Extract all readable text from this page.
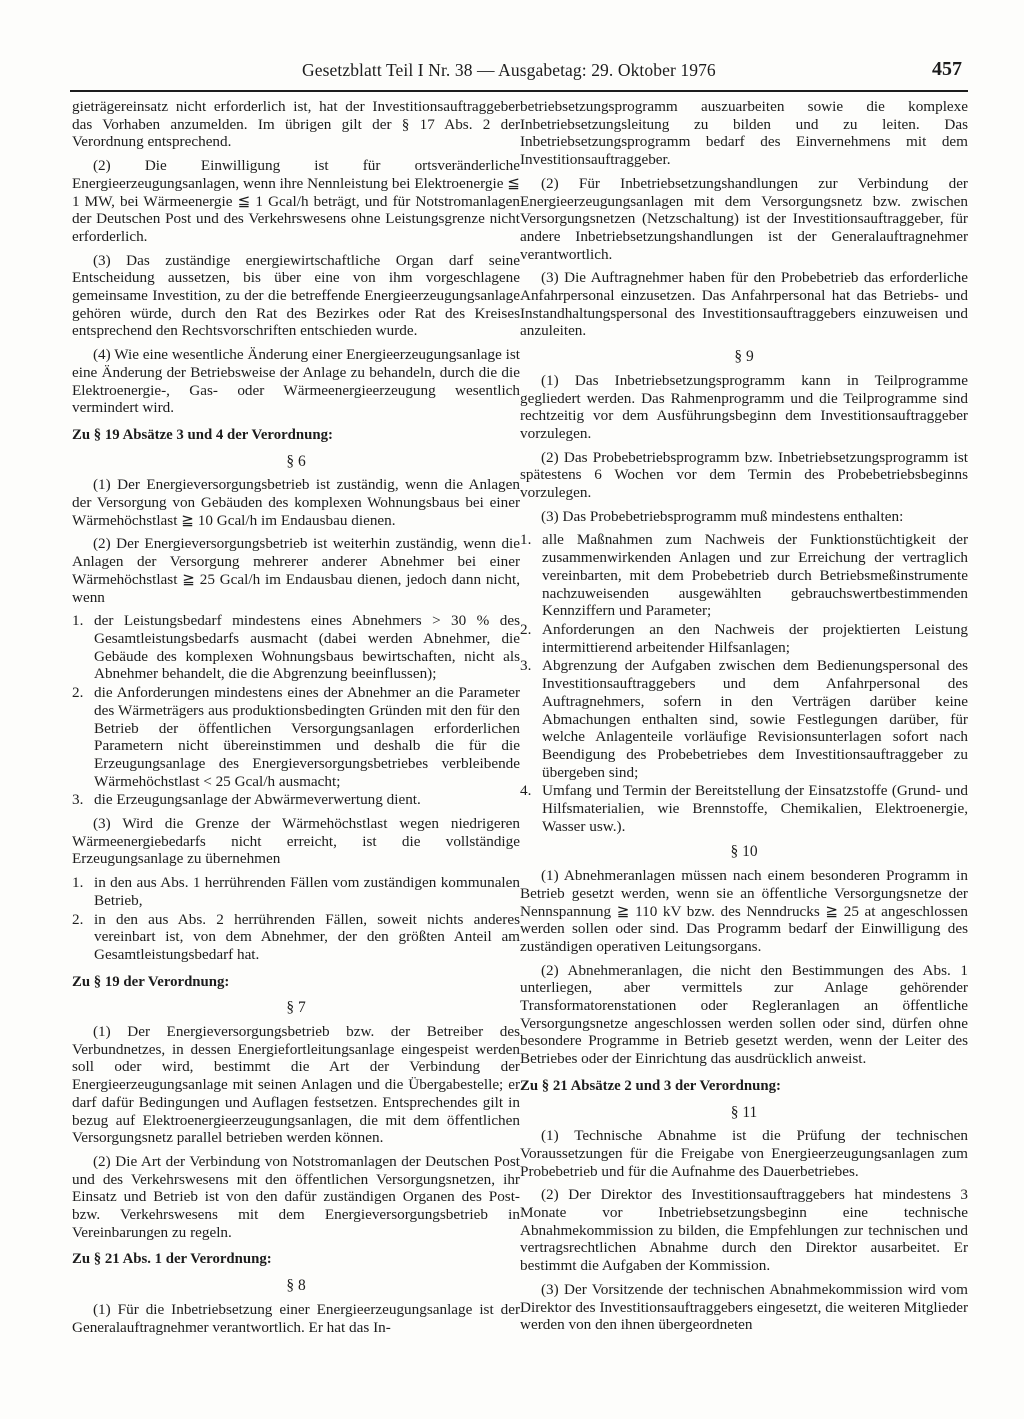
Gesetzblatt Teil I Nr. 38 — Ausgabetag: 29. Oktober 1976	457

gieträgereinsatz nicht erforderlich ist, hat der Investitionsauftraggeber das Vorhaben anzumelden. Im übrigen gilt der § 17 Abs. 2 der Verordnung entsprechend.

(2) Die Einwilligung ist für ortsveränderliche Energieerzeugungsanlagen, wenn ihre Nennleistung bei Elektroenergie ≦ 1 MW, bei Wärmeenergie ≦ 1 Gcal/h beträgt, und für Notstromanlagen der Deutschen Post und des Verkehrswesens ohne Leistungsgrenze nicht erforderlich.

(3) Das zuständige energiewirtschaftliche Organ darf seine Entscheidung aussetzen, bis über eine von ihm vorgeschlagene gemeinsame Investition, zu der die betreffende Energieerzeugungsanlage gehören würde, durch den Rat des Bezirkes oder Rat des Kreises entsprechend den Rechtsvorschriften entschieden wurde.

(4) Wie eine wesentliche Änderung einer Energieerzeugungsanlage ist eine Änderung der Betriebsweise der Anlage zu behandeln, durch die die Elektroenergie-, Gas- oder Wärmeenergieerzeugung wesentlich vermindert wird.

Zu § 19 Absätze 3 und 4 der Verordnung:
§ 6

(1) Der Energieversorgungsbetrieb ist zuständig, wenn die Anlagen der Versorgung von Gebäuden des komplexen Wohnungsbaus bei einer Wärmehöchstlast ≧ 10 Gcal/h im Endausbau dienen.

(2) Der Energieversorgungsbetrieb ist weiterhin zuständig, wenn die Anlagen der Versorgung mehrerer anderer Abnehmer bei einer Wärmehöchstlast ≧ 25 Gcal/h im Endausbau dienen, jedoch dann nicht, wenn

1. der Leistungsbedarf mindestens eines Abnehmers > 30 % des Gesamtleistungsbedarfs ausmacht (dabei werden Abnehmer, die Gebäude des komplexen Wohnungsbaus bewirtschaften, nicht als Abnehmer behandelt, die die Abgrenzung beeinflussen);
2. die Anforderungen mindestens eines der Abnehmer an die Parameter des Wärmeträgers aus produktionsbedingten Gründen mit den für den Betrieb der öffentlichen Versorgungsanlagen erforderlichen Parametern nicht übereinstimmen und deshalb die für die Erzeugungsanlage des Energieversorgungsbetriebes verbleibende Wärmehöchstlast < 25 Gcal/h ausmacht;
3. die Erzeugungsanlage der Abwärmeverwertung dient.

(3) Wird die Grenze der Wärmehöchstlast wegen niedrigeren Wärmeenergiebedarfs nicht erreicht, ist die vollständige Erzeugungsanlage zu übernehmen

1. in den aus Abs. 1 herrührenden Fällen vom zuständigen kommunalen Betrieb,
2. in den aus Abs. 2 herrührenden Fällen, soweit nichts anderes vereinbart ist, von dem Abnehmer, der den größten Anteil am Gesamtleistungsbedarf hat.
Zu § 19 der Verordnung:
§ 7

(1) Der Energieversorgungsbetrieb bzw. der Betreiber des Verbundnetzes, in dessen Energiefortleitungsanlage eingespeist werden soll oder wird, bestimmt die Art der Verbindung der Energieerzeugungsanlage mit seinen Anlagen und die Übergabestelle; er darf dafür Bedingungen und Auflagen festsetzen. Entsprechendes gilt in bezug auf Elektroenergieerzeugungsanlagen, die mit dem öffentlichen Versorgungsnetz parallel betrieben werden können.

(2) Die Art der Verbindung von Notstromanlagen der Deutschen Post und des Verkehrswesens mit den öffentlichen Versorgungsnetzen, ihr Einsatz und Betrieb ist von den dafür zuständigen Organen des Post- bzw. Verkehrswesens mit dem Energieversorgungsbetrieb in Vereinbarungen zu regeln.

Zu § 21 Abs. 1 der Verordnung:
§ 8

(1) Für die Inbetriebsetzung einer Energieerzeugungsanlage ist der Generalauftragnehmer verantwortlich. Er hat das In-

betriebsetzungsprogramm auszuarbeiten sowie die komplexe Inbetriebsetzungsleitung zu bilden und zu leiten. Das Inbetriebsetzungsprogramm bedarf des Einvernehmens mit dem Investitionsauftraggeber.

(2) Für Inbetriebsetzungshandlungen zur Verbindung der Energieerzeugungsanlagen mit dem Versorgungsnetz bzw. zwischen Versorgungsnetzen (Netzschaltung) ist der Investitionsauftraggeber, für andere Inbetriebsetzungshandlungen ist der Generalauftragnehmer verantwortlich.

(3) Die Auftragnehmer haben für den Probebetrieb das erforderliche Anfahrpersonal einzusetzen. Das Anfahrpersonal hat das Betriebs- und Instandhaltungspersonal des Investitionsauftraggebers einzuweisen und anzuleiten.

§ 9

(1) Das Inbetriebsetzungsprogramm kann in Teilprogramme gegliedert werden. Das Rahmenprogramm und die Teilprogramme sind rechtzeitig vor dem Ausführungsbeginn dem Investitionsauftraggeber vorzulegen.

(2) Das Probebetriebsprogramm bzw. Inbetriebsetzungsprogramm ist spätestens 6 Wochen vor dem Termin des Probebetriebsbeginns vorzulegen.

(3) Das Probebetriebsprogramm muß mindestens enthalten:

1. alle Maßnahmen zum Nachweis der Funktionstüchtigkeit der zusammenwirkenden Anlagen und zur Erreichung der vertraglich vereinbarten, mit dem Probebetrieb durch Betriebsmeßinstrumente nachzuweisenden ausgewählten gebrauchswertbestimmenden Kennziffern und Parameter;
2. Anforderungen an den Nachweis der projektierten Leistung intermittierend arbeitender Hilfsanlagen;
3. Abgrenzung der Aufgaben zwischen dem Bedienungspersonal des Investitionsauftraggebers und dem Anfahrpersonal des Auftragnehmers, sofern in den Verträgen darüber keine Abmachungen enthalten sind, sowie Festlegungen darüber, für welche Anlagenteile vorläufige Revisionsunterlagen sofort nach Beendigung des Probebetriebes dem Investitionsauftraggeber zu übergeben sind;
4. Umfang und Termin der Bereitstellung der Einsatzstoffe (Grund- und Hilfsmaterialien, wie Brennstoffe, Chemikalien, Elektroenergie, Wasser usw.).
§ 10

(1) Abnehmeranlagen müssen nach einem besonderen Programm in Betrieb gesetzt werden, wenn sie an öffentliche Versorgungsnetze der Nennspannung ≧ 110 kV bzw. des Nenndrucks ≧ 25 at angeschlossen werden sollen oder sind. Das Programm bedarf der Einwilligung des zuständigen operativen Leitungsorgans.

(2) Abnehmeranlagen, die nicht den Bestimmungen des Abs. 1 unterliegen, aber vermittels zur Anlage gehörender Transformatorenstationen oder Regleranlagen an öffentliche Versorgungsnetze angeschlossen werden sollen oder sind, dürfen ohne besondere Programme in Betrieb gesetzt werden, wenn der Leiter des Betriebes oder der Einrichtung das ausdrücklich anweist.

Zu § 21 Absätze 2 und 3 der Verordnung:
§ 11

(1) Technische Abnahme ist die Prüfung der technischen Voraussetzungen für die Freigabe von Energieerzeugungsanlagen zum Probebetrieb und für die Aufnahme des Dauerbetriebes.

(2) Der Direktor des Investitionsauftraggebers hat mindestens 3 Monate vor Inbetriebsetzungsbeginn eine technische Abnahmekommission zu bilden, die Empfehlungen zur technischen und vertragsrechtlichen Abnahme durch den Direktor ausarbeitet. Er bestimmt die Aufgaben der Kommission.

(3) Der Vorsitzende der technischen Abnahmekommission wird vom Direktor des Investitionsauftraggebers eingesetzt, die weiteren Mitglieder werden von den ihnen übergeordneten
